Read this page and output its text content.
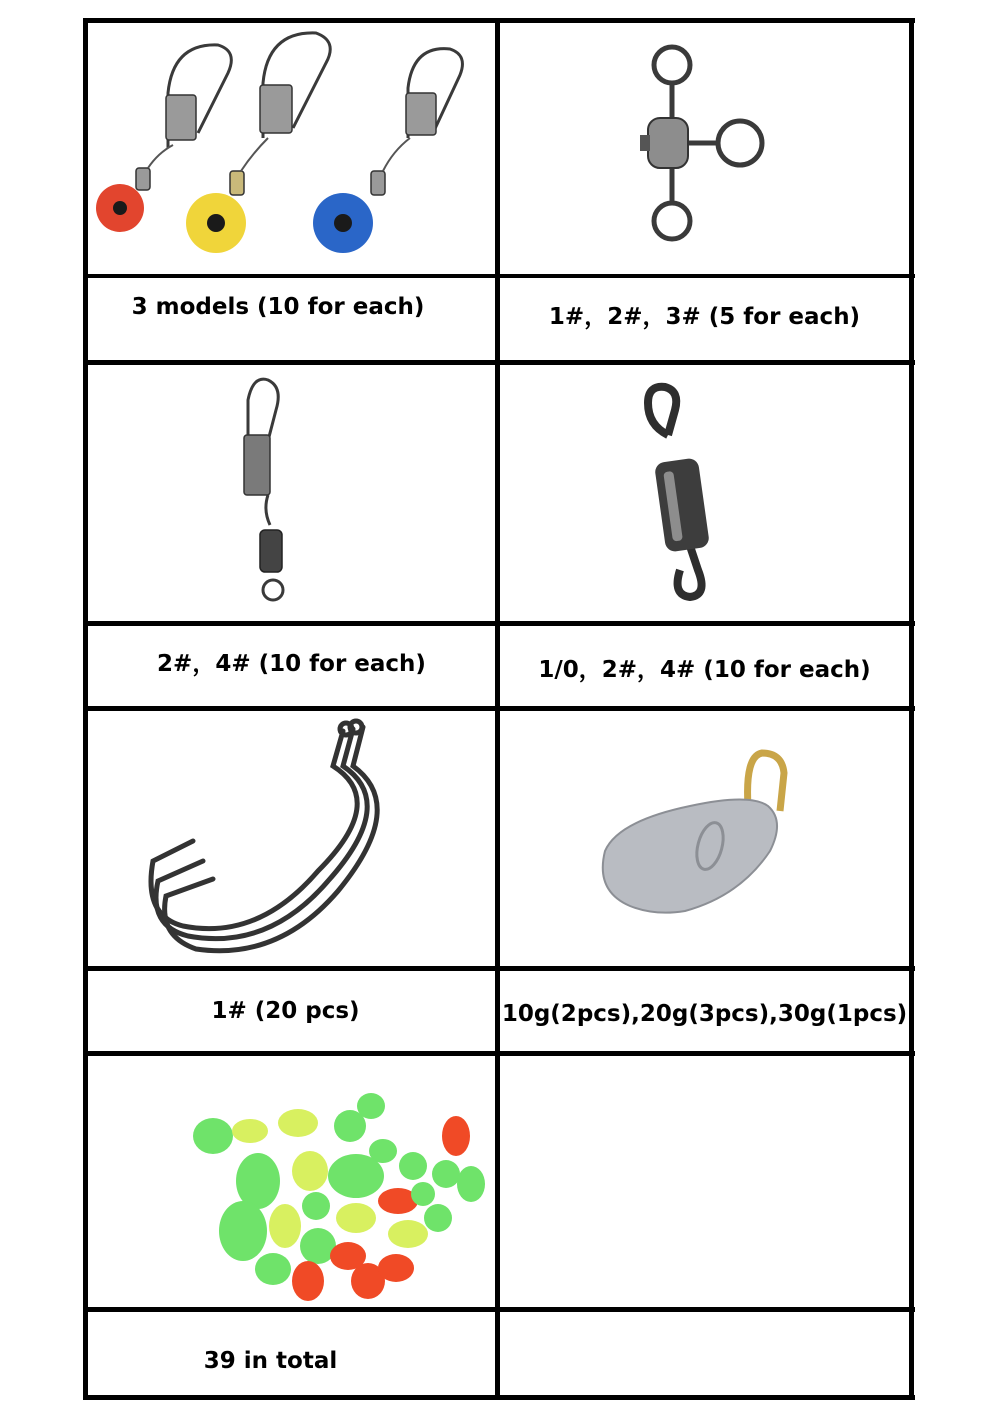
3 models (10 for each)	1#，2#，3# (5 for each)
2#，4# (10 for each)	1/0，2#，4# (10 for each)
1# (20 pcs)	10g(2pcs),20g(3pcs),30g(1pcs)
39 in total
